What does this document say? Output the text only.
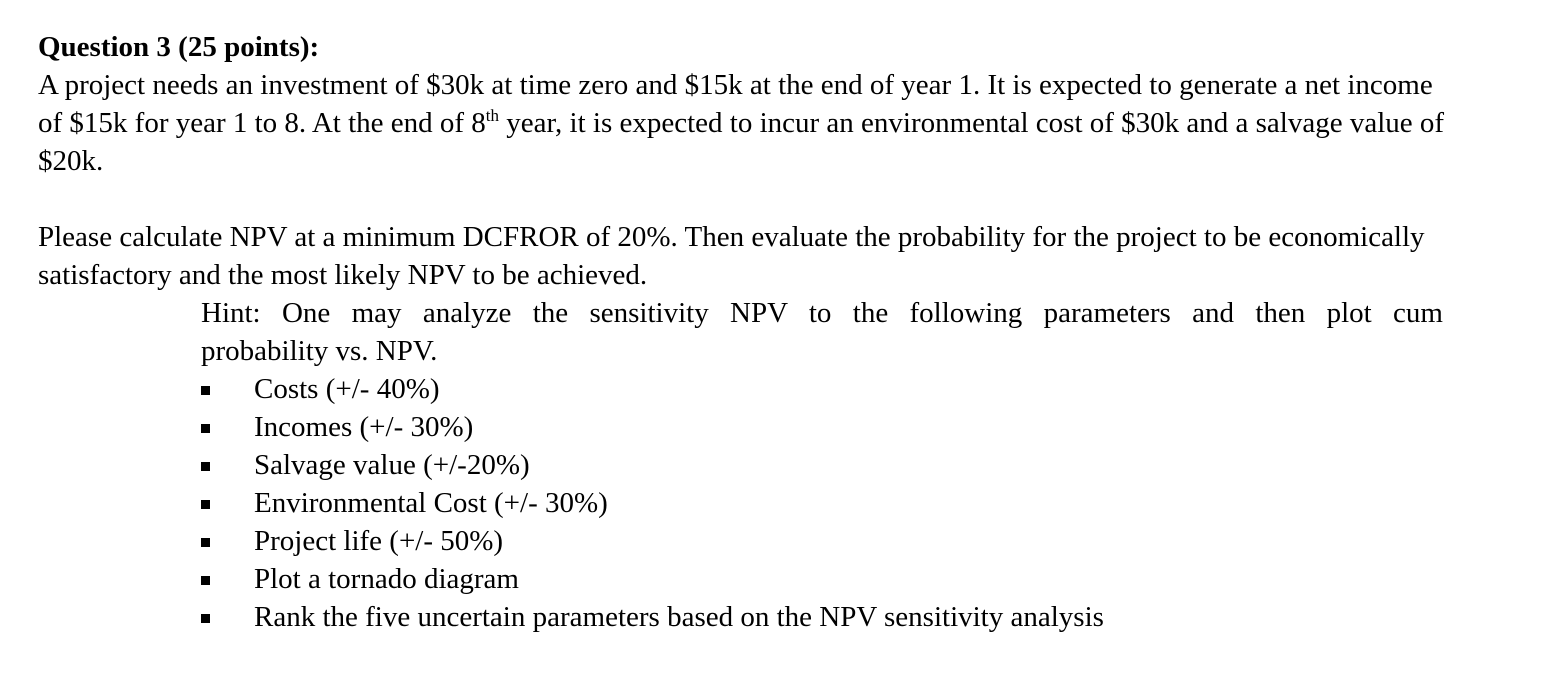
Question 3 (25 points):

A project needs an investment of $30k at time zero and $15k at the end of year 1. It is expected to generate a net income of $15k for year 1 to 8. At the end of 8th year, it is expected to incur an environmental cost of $30k and a salvage value of $20k.

Please calculate NPV at a minimum DCFROR of 20%. Then evaluate the probability for the project to be economically satisfactory and the most likely NPV to be achieved.

Hint: One may analyze the sensitivity NPV to the following parameters and then plot cum
probability vs. NPV.
Costs (+/- 40%)
Incomes (+/- 30%)
Salvage value (+/-20%)
Environmental Cost (+/- 30%)
Project life (+/- 50%)
Plot a tornado diagram
Rank the five uncertain parameters based on the NPV sensitivity analysis
